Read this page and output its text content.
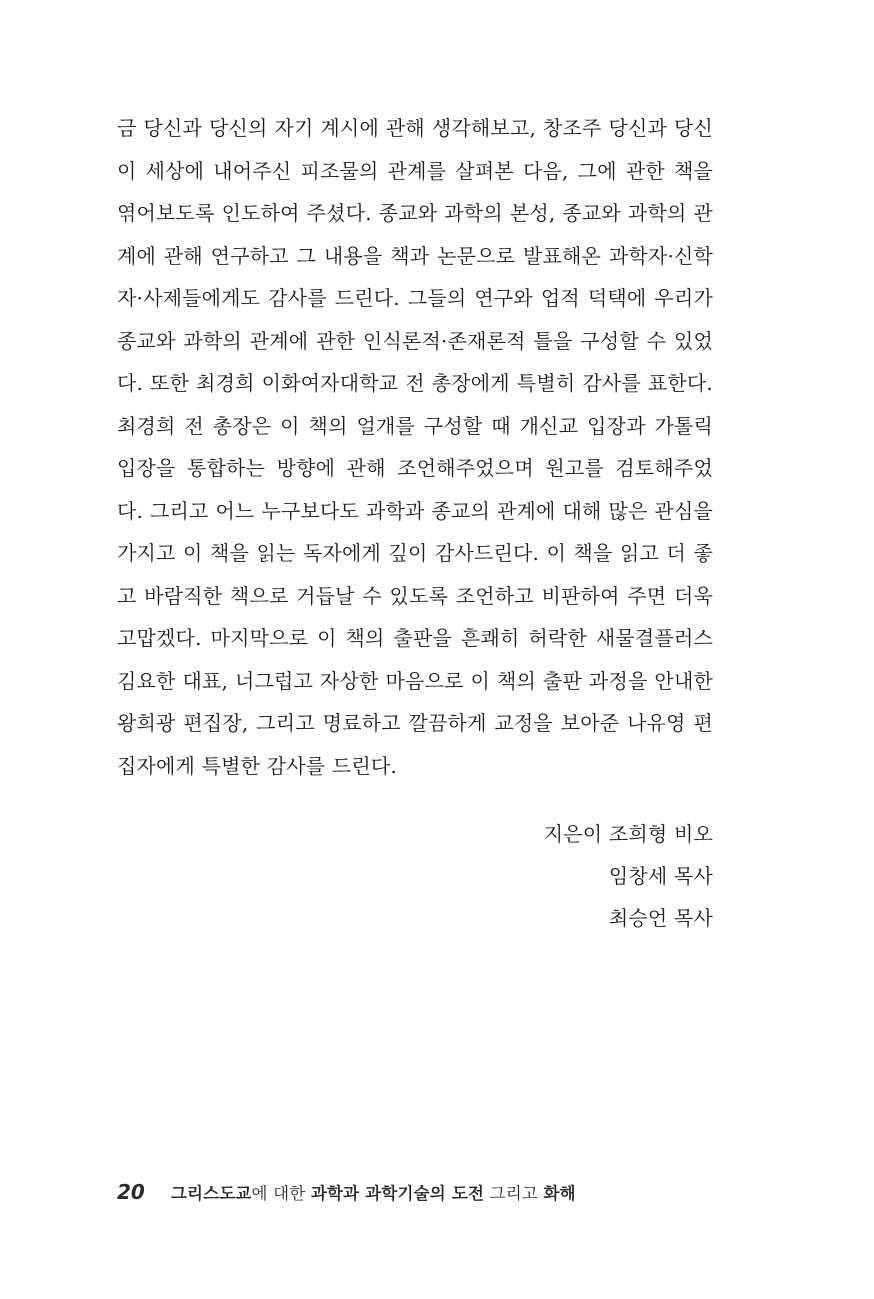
금 당신과 당신의 자기 계시에 관해 생각해보고, 창조주 당신과 당신
이 세상에 내어주신 피조물의 관계를 살펴본 다음, 그에 관한 책을
엮어보도록 인도하여 주셨다. 종교와 과학의 본성, 종교와 과학의 관
계에 관해 연구하고 그 내용을 책과 논문으로 발표해온 과학자·신학
자·사제들에게도 감사를 드린다. 그들의 연구와 업적 덕택에 우리가
종교와 과학의 관계에 관한 인식론적·존재론적 틀을 구성할 수 있었
다. 또한 최경희 이화여자대학교 전 총장에게 특별히 감사를 표한다.
최경희 전 총장은 이 책의 얼개를 구성할 때 개신교 입장과 가톨릭
입장을 통합하는 방향에 관해 조언해주었으며 원고를 검토해주었
다. 그리고 어느 누구보다도 과학과 종교의 관계에 대해 많은 관심을
가지고 이 책을 읽는 독자에게 깊이 감사드린다. 이 책을 읽고 더 좋
고 바람직한 책으로 거듭날 수 있도록 조언하고 비판하여 주면 더욱
고맙겠다. 마지막으로 이 책의 출판을 흔쾌히 허락한 새물결플러스
김요한 대표, 너그럽고 자상한 마음으로 이 책의 출판 과정을 안내한
왕희광 편집장, 그리고 명료하고 깔끔하게 교정을 보아준 나유영 편
집자에게 특별한 감사를 드린다.
지은이 조희형 비오
임창세 목사
최승언 목사
20 그리스도교에 대한 과학과 과학기술의 도전 그리고 화해
